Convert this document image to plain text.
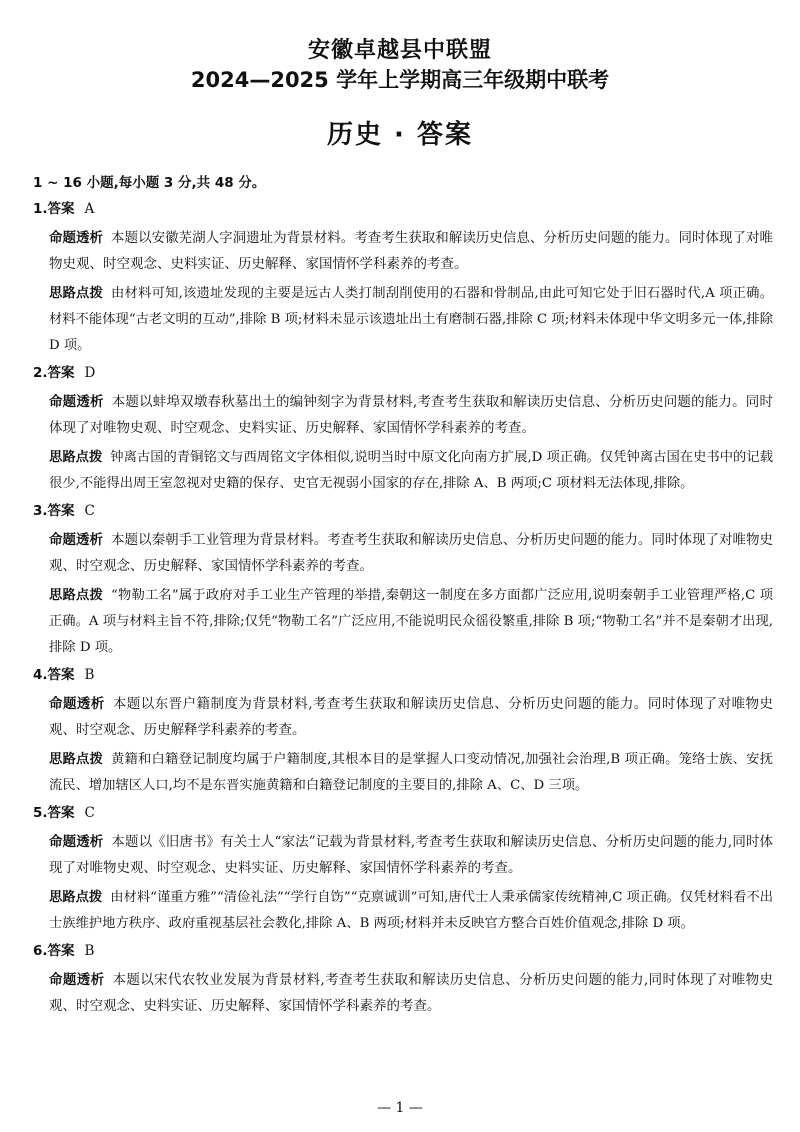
安徽卓越县中联盟
2024—2025 学年上学期高三年级期中联考
历史 · 答案
1 ~ 16 小题,每小题 3 分,共 48 分。
1.答案 A
命题透析 本题以安徽芜湖人字洞遗址为背景材料。考查考生获取和解读历史信息、分析历史问题的能力。同时体现了对唯物史观、时空观念、史料实证、历史解释、家国情怀学科素养的考查。
思路点拨 由材料可知,该遗址发现的主要是远古人类打制刮削使用的石器和骨制品,由此可知它处于旧石器时代,A 项正确。材料不能体现“古老文明的互动”,排除 B 项;材料未显示该遗址出土有磨制石器,排除 C 项;材料未体现中华文明多元一体,排除 D 项。
2.答案 D
命题透析 本题以蚌埠双墩春秋墓出土的编钟刻字为背景材料,考查考生获取和解读历史信息、分析历史问题的能力。同时体现了对唯物史观、时空观念、史料实证、历史解释、家国情怀学科素养的考查。
思路点拨 钟离古国的青铜铭文与西周铭文字体相似,说明当时中原文化向南方扩展,D 项正确。仅凭钟离古国在史书中的记载很少,不能得出周王室忽视对史籍的保存、史官无视弱小国家的存在,排除 A、B 两项;C 项材料无法体现,排除。
3.答案 C
命题透析 本题以秦朝手工业管理为背景材料。考查考生获取和解读历史信息、分析历史问题的能力。同时体现了对唯物史观、时空观念、历史解释、家国情怀学科素养的考查。
思路点拨 “物勒工名”属于政府对手工业生产管理的举措,秦朝这一制度在多方面都广泛应用,说明秦朝手工业管理严格,C 项正确。A 项与材料主旨不符,排除;仅凭“物勒工名”广泛应用,不能说明民众徭役繁重,排除 B 项;“物勒工名”并不是秦朝才出现,排除 D 项。
4.答案 B
命题透析 本题以东晋户籍制度为背景材料,考查考生获取和解读历史信息、分析历史问题的能力。同时体现了对唯物史观、时空观念、历史解释学科素养的考查。
思路点拨 黄籍和白籍登记制度均属于户籍制度,其根本目的是掌握人口变动情况,加强社会治理,B 项正确。笼络士族、安抚流民、增加辖区人口,均不是东晋实施黄籍和白籍登记制度的主要目的,排除 A、C、D 三项。
5.答案 C
命题透析 本题以《旧唐书》有关士人“家法”记载为背景材料,考查考生获取和解读历史信息、分析历史问题的能力,同时体现了对唯物史观、时空观念、史料实证、历史解释、家国情怀学科素养的考查。
思路点拨 由材料“谨重方雅”“清俭礼法”“学行自饬”“克禀诚训”可知,唐代士人秉承儒家传统精神,C 项正确。仅凭材料看不出士族维护地方秩序、政府重视基层社会教化,排除 A、B 两项;材料并未反映官方整合百姓价值观念,排除 D 项。
6.答案 B
命题透析 本题以宋代农牧业发展为背景材料,考查考生获取和解读历史信息、分析历史问题的能力,同时体现了对唯物史观、时空观念、史料实证、历史解释、家国情怀学科素养的考查。
— 1 —
